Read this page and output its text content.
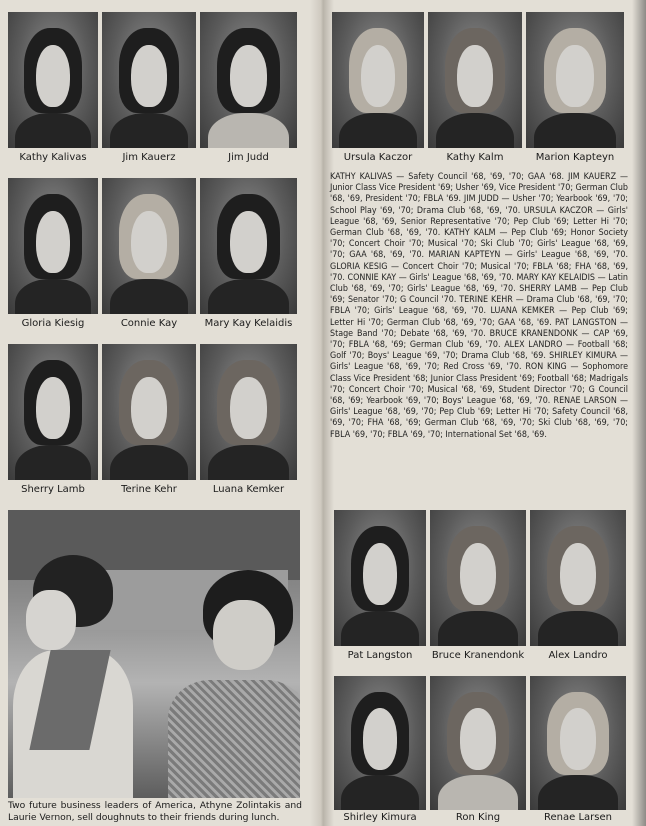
Kathy Kalivas	Jim Kauerz	Jim Judd
Gloria Kiesig	Connie Kay	Mary Kay Kelaidis
Sherry Lamb	Terine Kehr	Luana Kemker
Two future business leaders of America, Athyne Zolintakis and Laurie Vernon, sell doughnuts to their friends during lunch.
Ursula Kaczor	Kathy Kalm	Marion Kapteyn
KATHY KALIVAS — Safety Council '68, '69, '70; GAA '68. JIM KAUERZ — Junior Class Vice President '69; Usher '69, Vice President '70; German Club '68, '69, President '70; FBLA '69. JIM JUDD — Usher '70; Yearbook '69, '70; School Play '69, '70; Drama Club '68, '69, '70. URSULA KACZOR — Girls' League '68, '69, Senior Representative '70; Pep Club '69; Letter Hi '70; German Club '68, '69, '70. KATHY KALM — Pep Club '69; Honor Society '70; Concert Choir '70; Musical '70; Ski Club '70; Girls' League '68, '69, '70; GAA '68, '69, '70. MARIAN KAPTEYN — Girls' League '68, '69, '70. GLORIA KESIG — Concert Choir '70; Musical '70; FBLA '68; FHA '68, '69, '70. CONNIE KAY — Girls' League '68, '69, '70. MARY KAY KELAIDIS — Latin Club '68, '69, '70; Girls' League '68, '69, '70. SHERRY LAMB — Pep Club '69; Senator '70; G Council '70. TERINE KEHR — Drama Club '68, '69, '70; FBLA '70; Girls' League '68, '69, '70. LUANA KEMKER — Pep Club '69; Letter Hi '70; German Club '68, '69, '70; GAA '68, '69. PAT LANGSTON — Stage Band '70; Debate '68, '69, '70. BRUCE KRANENDONK — CAP '69, '70; FBLA '68, '69; German Club '69, '70. ALEX LANDRO — Football '68; Golf '70; Boys' League '69, '70; Drama Club '68, '69. SHIRLEY KIMURA — Girls' League '68, '69, '70; Red Cross '69, '70. RON KING — Sophomore Class Vice President '68; Junior Class President '69; Football '68; Madrigals '70; Concert Choir '70; Musical '68, '69, Student Director '70; G Council '68, '69; Yearbook '69, '70; Boys' League '68, '69, '70. RENAE LARSON — Girls' League '68, '69, '70; Pep Club '69; Letter Hi '70; Safety Council '68, '69, '70; FHA '68, '69; German Club '68, '69, '70; Ski Club '68, '69, '70; FBLA '69, '70; FBLA '69, '70; International Set '68, '69.
Pat Langston	Bruce Kranendonk	Alex Landro
Shirley Kimura	Ron King	Renae Larsen
